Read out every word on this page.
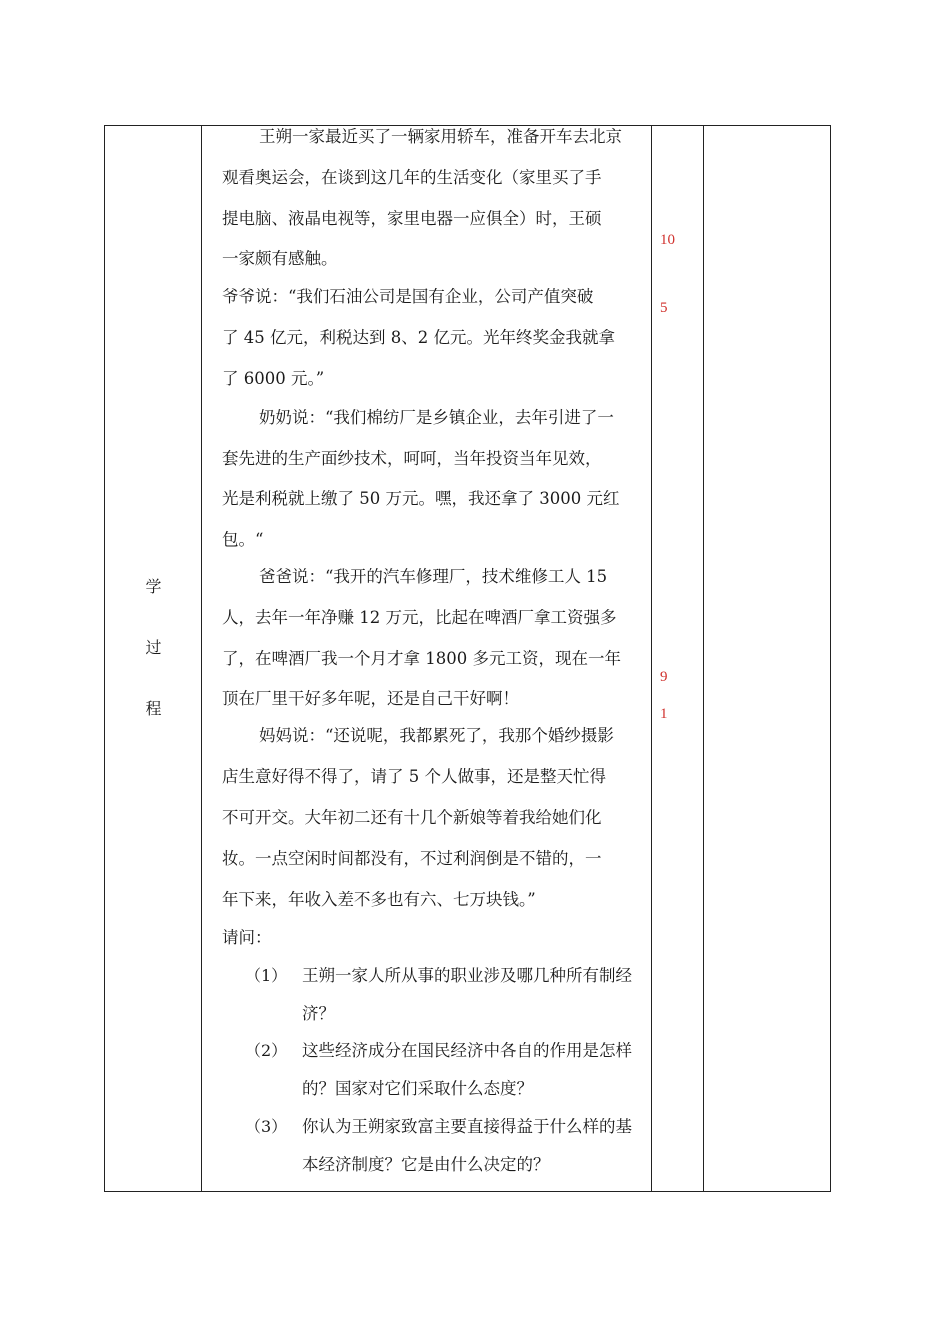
学
过
程
王朔一家最近买了一辆家用轿车，准备开车去北京
观看奥运会，在谈到这几年的生活变化（家里买了手
提电脑、液晶电视等，家里电器一应俱全）时，王硕
一家颇有感触。
爷爷说：“我们石油公司是国有企业，公司产值突破
了 45 亿元，利税达到 8、2 亿元。光年终奖金我就拿
了 6000 元。”
奶奶说：“我们棉纺厂是乡镇企业，去年引进了一
套先进的生产面纱技术，呵呵，当年投资当年见效，
光是利税就上缴了 50 万元。嘿，我还拿了 3000 元红
包。“
爸爸说：“我开的汽车修理厂，技术维修工人 15
人，去年一年净赚 12 万元，比起在啤酒厂拿工资强多
了，在啤酒厂我一个月才拿 1800 多元工资，现在一年
顶在厂里干好多年呢，还是自己干好啊！
妈妈说：“还说呢，我都累死了，我那个婚纱摄影
店生意好得不得了，请了 5 个人做事，还是整天忙得
不可开交。大年初二还有十几个新娘等着我给她们化
妆。一点空闲时间都没有，不过利润倒是不错的，一
年下来，年收入差不多也有六、七万块钱。”
请问：
（1） 王朔一家人所从事的职业涉及哪几种所有制经
济？
（2） 这些经济成分在国民经济中各自的作用是怎样
的？国家对它们采取什么态度？
（3） 你认为王朔家致富主要直接得益于什么样的基
本经济制度？它是由什么决定的？
10
5
9
1
